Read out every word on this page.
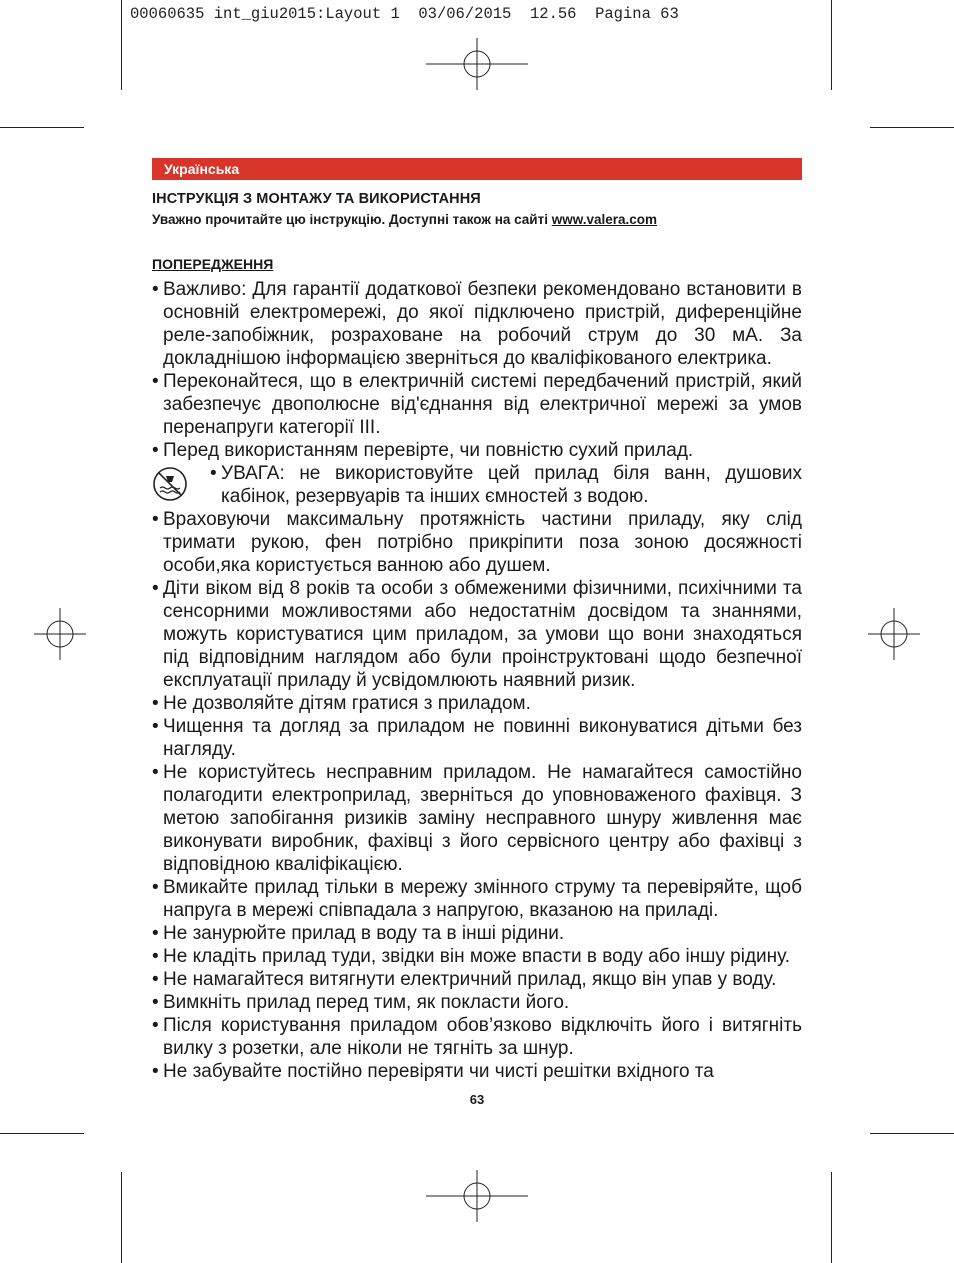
00060635 int_giu2015:Layout 1  03/06/2015  12.56  Pagina 63
Українська
ІНСТРУКЦІЯ З МОНТАЖУ ТА ВИКОРИСТАННЯ
Уважно прочитайте цю інструкцію. Доступні також на сайті www.valera.com
ПОПЕРЕДЖЕННЯ
• Важливо: Для гарантії додаткової безпеки рекомендовано встановити в основній електромережі, до якої підключено пристрій, диференційне реле-запобіжник, розраховане на робочий струм до 30 мА. За докладнішою інформацією зверніться до кваліфікованого електрика.
• Переконайтеся, що в електричній системі передбачений пристрій, який забезпечує двополюсне від'єднання від електричної мережі за умов перенапруги категорії III.
• Перед використанням перевірте, чи повністю сухий прилад.
• УВАГА: не використовуйте цей прилад біля ванн, душових кабінок, резервуарів та інших ємностей з водою.
• Враховуючи максимальну протяжність частини приладу, яку слід тримати рукою, фен потрібно прикріпити поза зоною досяжності особи,яка користується ванною або душем.
• Діти віком від 8 років та особи з обмеженими фізичними, психічними та сенсорними можливостями або недостатнім досвідом та знаннями, можуть користуватися цим приладом, за умови що вони знаходяться під відповідним наглядом або були проінструктовані щодо безпечної експлуатації приладу й усвідомлюють наявний ризик.
• Не дозволяйте дітям гратися з приладом.
• Чищення та догляд за приладом не повинні виконуватися дітьми без нагляду.
• Не користуйтесь несправним приладом. Не намагайтеся самостійно полагодити електроприлад, зверніться до уповноваженого фахівця. З метою запобігання ризиків заміну несправного шнуру живлення має виконувати виробник, фахівці з його сервісного центру або фахівці з відповідною кваліфікацією.
• Вмикайте прилад тільки в мережу змінного струму та перевіряйте, щоб напруга в мережі співпадала з напругою, вказаною на приладі.
• Не занурюйте прилад в воду та в інші рідини.
• Не кладіть прилад туди, звідки він може впасти в воду або іншу рідину.
• Не намагайтеся витягнути електричний прилад, якщо він упав у воду.
• Вимкніть прилад перед тим, як покласти його.
• Після користування приладом обов’язково відключіть його і витягніть вилку з розетки, але ніколи не тягніть за шнур.
• Не забувайте постійно перевіряти чи чисті решітки вхідного та
63
